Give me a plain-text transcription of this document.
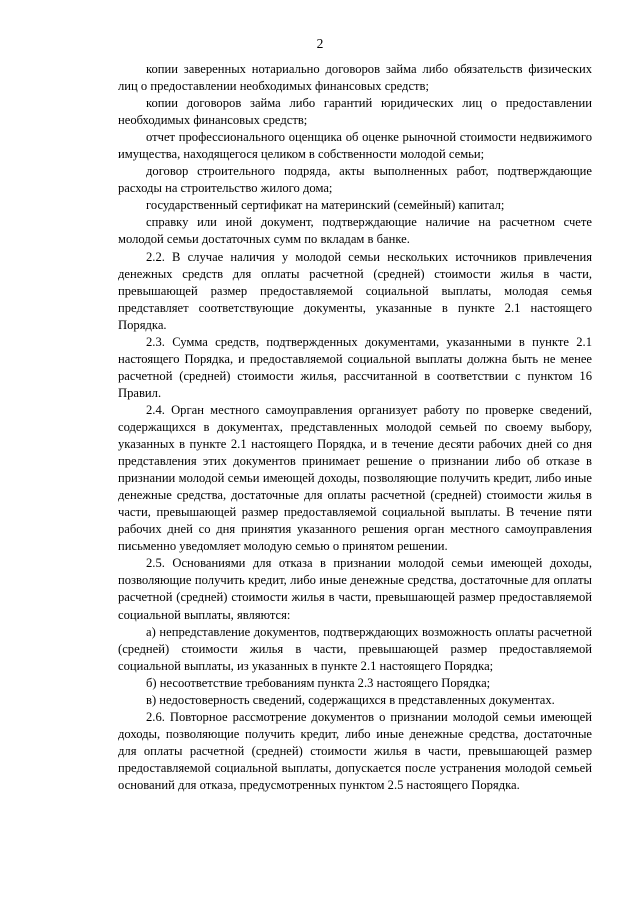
2

копии заверенных нотариально договоров займа либо обязательств физических лиц о предоставлении необходимых финансовых средств;

копии договоров займа либо гарантий юридических лиц о предоставлении необходимых финансовых средств;

отчет профессионального оценщика об оценке рыночной стоимости недвижимого имущества, находящегося целиком в собственности молодой семьи;

договор строительного подряда, акты выполненных работ, подтверждающие расходы на строительство жилого дома;

государственный сертификат на материнский (семейный) капитал;

справку или иной документ, подтверждающие наличие на расчетном счете молодой семьи достаточных сумм по вкладам в банке.

2.2. В случае наличия у молодой семьи нескольких источников привлечения денежных средств для оплаты расчетной (средней) стоимости жилья в части, превышающей размер предоставляемой социальной выплаты, молодая семья представляет соответствующие документы, указанные в пункте 2.1 настоящего Порядка.

2.3. Сумма средств, подтвержденных документами, указанными в пункте 2.1 настоящего Порядка, и предоставляемой социальной выплаты должна быть не менее расчетной (средней) стоимости жилья, рассчитанной в соответствии с пунктом 16 Правил.

2.4. Орган местного самоуправления организует работу по проверке сведений, содержащихся в документах, представленных молодой семьей по своему выбору, указанных в пункте 2.1 настоящего Порядка, и в течение десяти рабочих дней со дня представления этих документов принимает решение о признании либо об отказе в признании молодой семьи имеющей доходы, позволяющие получить кредит, либо иные денежные средства, достаточные для оплаты расчетной (средней) стоимости жилья в части, превышающей размер предоставляемой социальной выплаты. В течение пяти рабочих дней со дня принятия указанного решения орган местного самоуправления письменно уведомляет молодую семью о принятом решении.

2.5. Основаниями для отказа в признании молодой семьи имеющей доходы, позволяющие получить кредит, либо иные денежные средства, достаточные для оплаты расчетной (средней) стоимости жилья в части, превышающей размер предоставляемой социальной выплаты, являются:

а) непредставление документов, подтверждающих возможность оплаты расчетной (средней) стоимости жилья в части, превышающей размер предоставляемой социальной выплаты, из указанных в пункте 2.1 настоящего Порядка;

б) несоответствие требованиям пункта 2.3 настоящего Порядка;

в) недостоверность сведений, содержащихся в представленных документах.

2.6. Повторное рассмотрение документов о признании молодой семьи имеющей доходы, позволяющие получить кредит, либо иные денежные средства, достаточные для оплаты расчетной (средней) стоимости жилья в части, превышающей размер предоставляемой социальной выплаты, допускается после устранения молодой семьей оснований для отказа, предусмотренных пунктом 2.5 настоящего Порядка.
